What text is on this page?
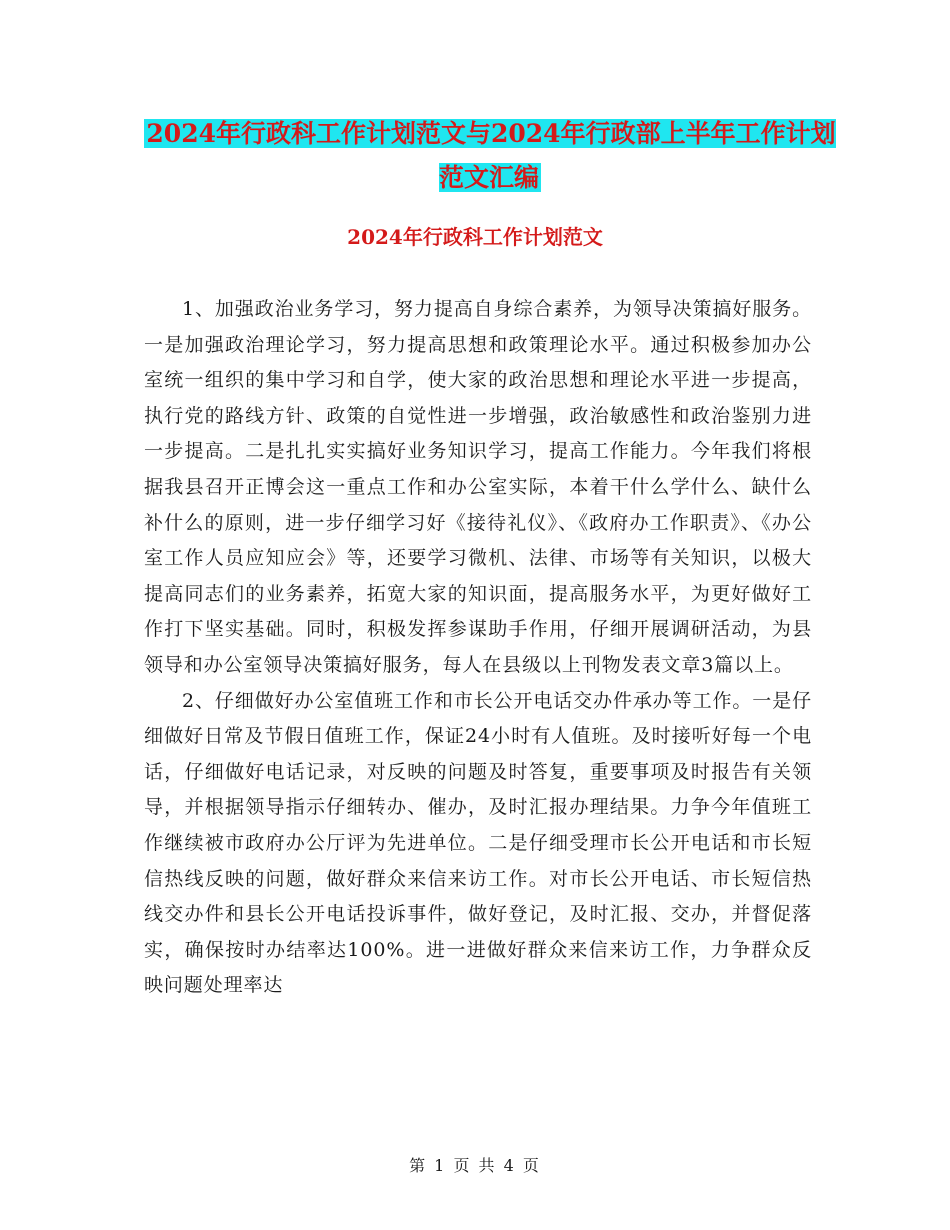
2024年行政科工作计划范文与2024年行政部上半年工作计划范文汇编
2024年行政科工作计划范文

1、加强政治业务学习，努力提高自身综合素养，为领导决策搞好服务。一是加强政治理论学习，努力提高思想和政策理论水平。通过积极参加办公室统一组织的集中学习和自学，使大家的政治思想和理论水平进一步提高，执行党的路线方针、政策的自觉性进一步增强，政治敏感性和政治鉴别力进一步提高。二是扎扎实实搞好业务知识学习，提高工作能力。今年我们将根据我县召开正博会这一重点工作和办公室实际，本着干什么学什么、缺什么补什么的原则，进一步仔细学习好《接待礼仪》、《政府办工作职责》、《办公室工作人员应知应会》等，还要学习微机、法律、市场等有关知识，以极大提高同志们的业务素养，拓宽大家的知识面，提高服务水平，为更好做好工作打下坚实基础。同时，积极发挥参谋助手作用，仔细开展调研活动，为县领导和办公室领导决策搞好服务，每人在县级以上刊物发表文章3篇以上。

2、仔细做好办公室值班工作和市长公开电话交办件承办等工作。一是仔细做好日常及节假日值班工作，保证24小时有人值班。及时接听好每一个电话，仔细做好电话记录，对反映的问题及时答复，重要事项及时报告有关领导，并根据领导指示仔细转办、催办，及时汇报办理结果。力争今年值班工作继续被市政府办公厅评为先进单位。二是仔细受理市长公开电话和市长短信热线反映的问题，做好群众来信来访工作。对市长公开电话、市长短信热线交办件和县长公开电话投诉事件，做好登记，及时汇报、交办，并督促落实，确保按时办结率达100%。进一进做好群众来信来访工作，力争群众反映问题处理率达

第 1 页 共 4 页
